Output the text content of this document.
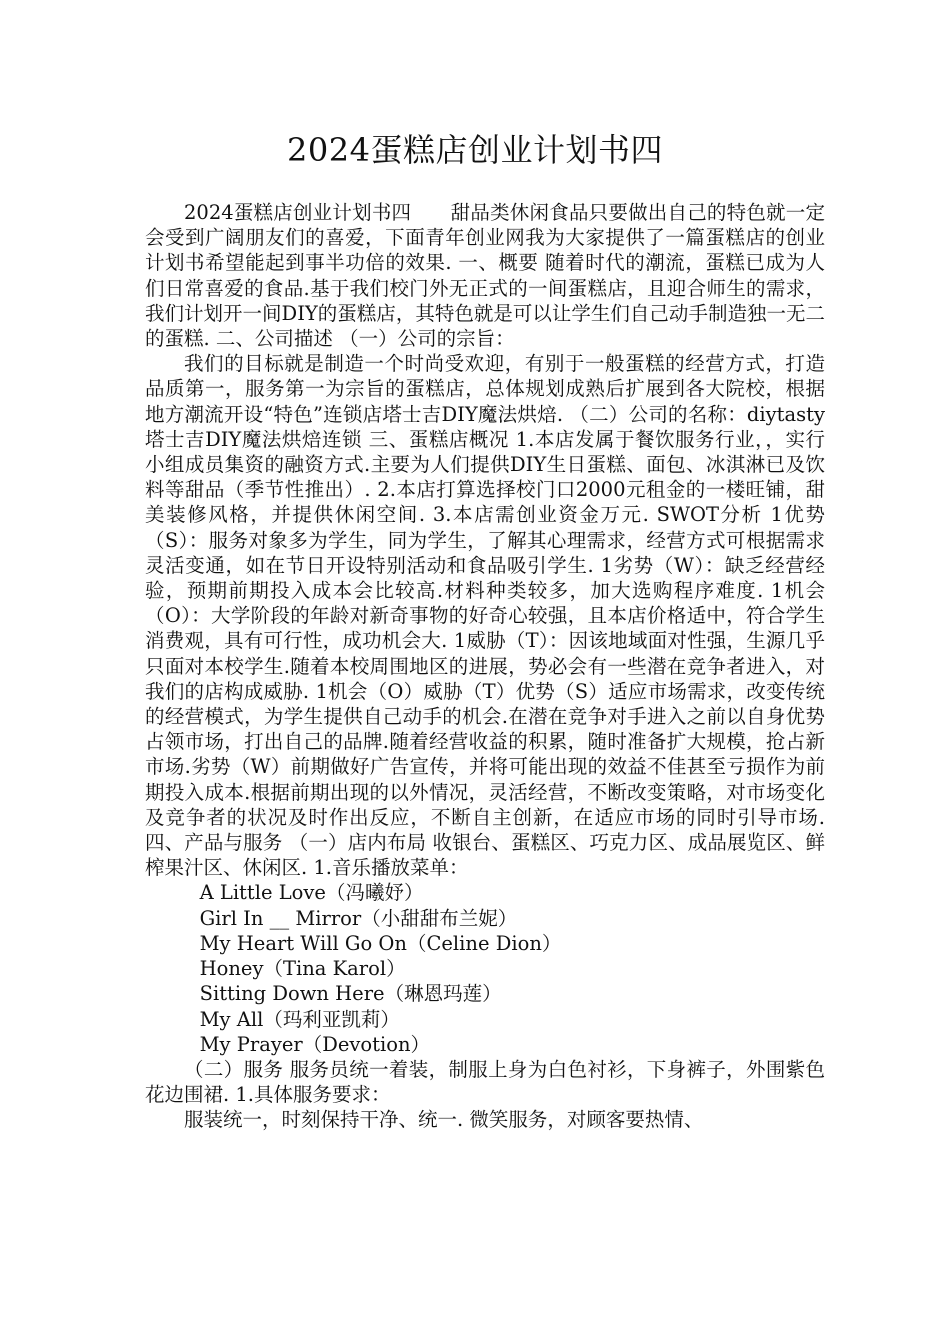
2024蛋糕店创业计划书四

2024蛋糕店创业计划书四　　甜品类休闲食品只要做出自己的特色就一定会受到广阔朋友们的喜爱，下面青年创业网我为大家提供了一篇蛋糕店的创业计划书希望能起到事半功倍的效果. 一、概要 随着时代的潮流，蛋糕已成为人们日常喜爱的食品.基于我们校门外无正式的一间蛋糕店，且迎合师生的需求，我们计划开一间DIY的蛋糕店，其特色就是可以让学生们自己动手制造独一无二的蛋糕. 二、公司描述 （一）公司的宗旨：

我们的目标就是制造一个时尚受欢迎，有别于一般蛋糕的经营方式，打造品质第一，服务第一为宗旨的蛋糕店，总体规划成熟后扩展到各大院校，根据地方潮流开设“特色”连锁店塔士吉DIY魔法烘焙. （二）公司的名称：diytasty塔士吉DIY魔法烘焙连锁 三、蛋糕店概况 1.本店发属于餐饮服务行业，，实行小组成员集资的融资方式.主要为人们提供DIY生日蛋糕、面包、冰淇淋已及饮料等甜品（季节性推出）. 2.本店打算选择校门口2000元租金的一楼旺铺，甜美装修风格，并提供休闲空间. 3.本店需创业资金万元. SWOT分析 1优势（S）：服务对象多为学生，同为学生，了解其心理需求，经营方式可根据需求灵活变通，如在节日开设特别活动和食品吸引学生. 1劣势（W）：缺乏经营经验，预期前期投入成本会比较高.材料种类较多，加大选购程序难度. 1机会（O）：大学阶段的年龄对新奇事物的好奇心较强，且本店价格适中，符合学生消费观，具有可行性，成功机会大. 1威胁（T）：因该地域面对性强，生源几乎只面对本校学生.随着本校周围地区的进展，势必会有一些潜在竞争者进入，对我们的店构成威胁. 1机会（O）威胁（T）优势（S）适应市场需求，改变传统的经营模式，为学生提供自己动手的机会.在潜在竞争对手进入之前以自身优势占领市场，打出自己的品牌.随着经营收益的积累，随时准备扩大规模，抢占新市场.劣势（W）前期做好广告宣传，并将可能出现的效益不佳甚至亏损作为前期投入成本.根据前期出现的以外情况，灵活经营，不断改变策略，对市场变化及竞争者的状况及时作出反应，不断自主创新，在适应市场的同时引导市场. 四、产品与服务 （一）店内布局 收银台、蛋糕区、巧克力区、成品展览区、鲜榨果汁区、休闲区. 1.音乐播放菜单：

A Little Love（冯曦妤）
Girl In __ Mirror（小甜甜布兰妮）
My Heart Will Go On（Celine Dion）
Honey（Tina Karol）
Sitting Down Here（琳恩玛莲）
My All（玛利亚凯莉）
My Prayer（Devotion）

（二）服务 服务员统一着装，制服上身为白色衬衫，下身裤子，外围紫色花边围裙. 1.具体服务要求：

服装统一，时刻保持干净、统一. 微笑服务，对顾客要热情、
